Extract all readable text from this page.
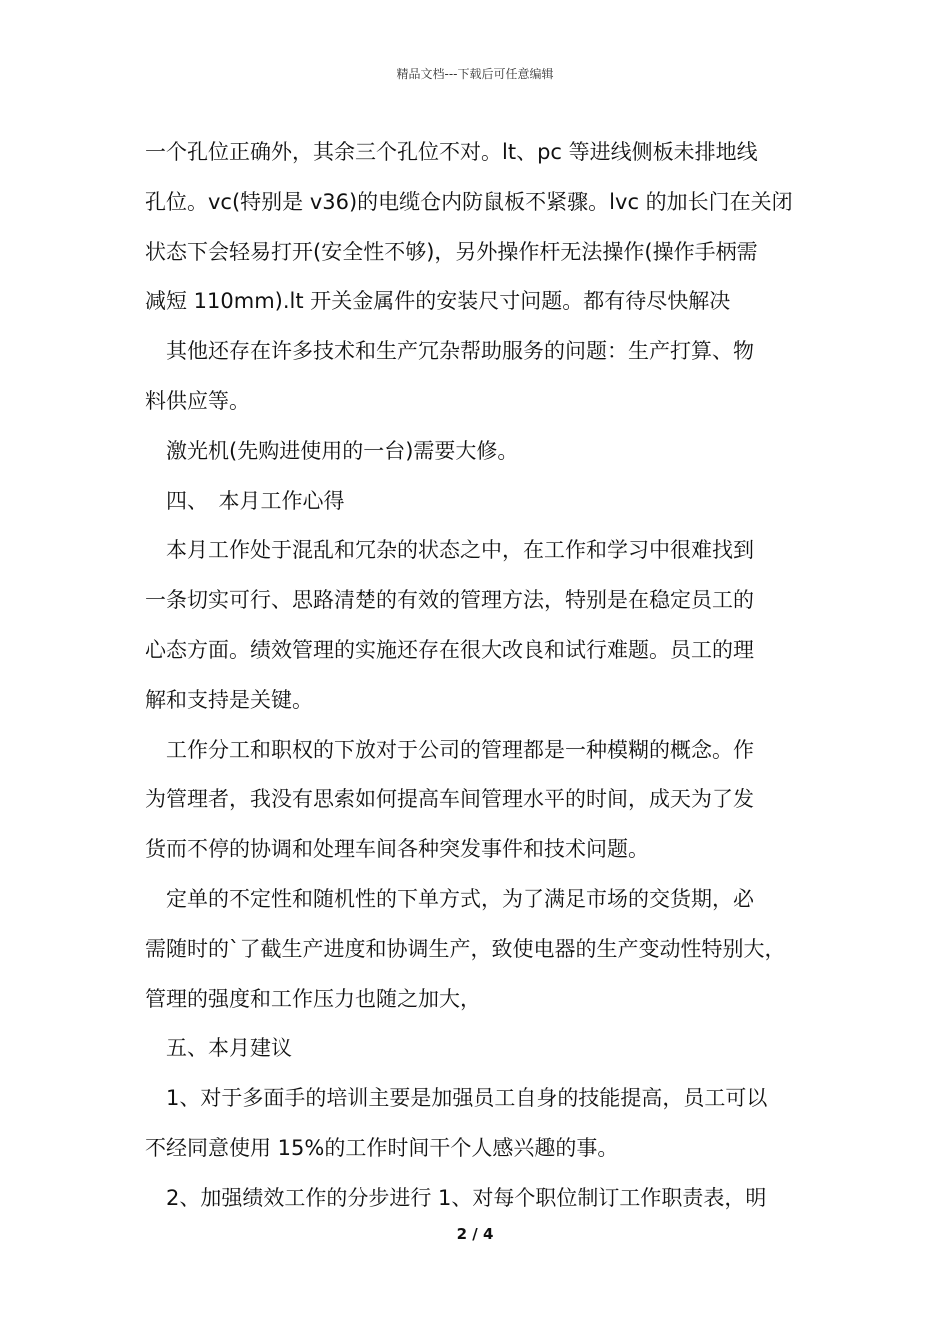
精品文档---下载后可任意编辑

一个孔位正确外，其余三个孔位不对。lt、pc 等进线侧板未排地线
孔位。vc(特别是 v36)的电缆仓内防鼠板不紧骤。lvc 的加长门在关闭
状态下会轻易打开(安全性不够)，另外操作杆无法操作(操作手柄需
减短 110mm).lt 开关金属件的安装尺寸问题。都有待尽快解决

　其他还存在许多技术和生产冗杂帮助服务的问题：生产打算、物
料供应等。

　激光机(先购进使用的一台)需要大修。

　四、　本月工作心得

　本月工作处于混乱和冗杂的状态之中，在工作和学习中很难找到
一条切实可行、思路清楚的有效的管理方法，特别是在稳定员工的
心态方面。绩效管理的实施还存在很大改良和试行难题。员工的理
解和支持是关键。

　工作分工和职权的下放对于公司的管理都是一种模糊的概念。作
为管理者，我没有思索如何提高车间管理水平的时间，成天为了发
货而不停的协调和处理车间各种突发事件和技术问题。

　定单的不定性和随机性的下单方式，为了满足市场的交货期，必
需随时的`了截生产进度和协调生产，致使电器的生产变动性特别大，
管理的强度和工作压力也随之加大，

　五、本月建议

　1、对于多面手的培训主要是加强员工自身的技能提高，员工可以
不经同意使用 15%的工作时间干个人感兴趣的事。

　2、加强绩效工作的分步进行 1、对每个职位制订工作职责表，明

2 / 4
